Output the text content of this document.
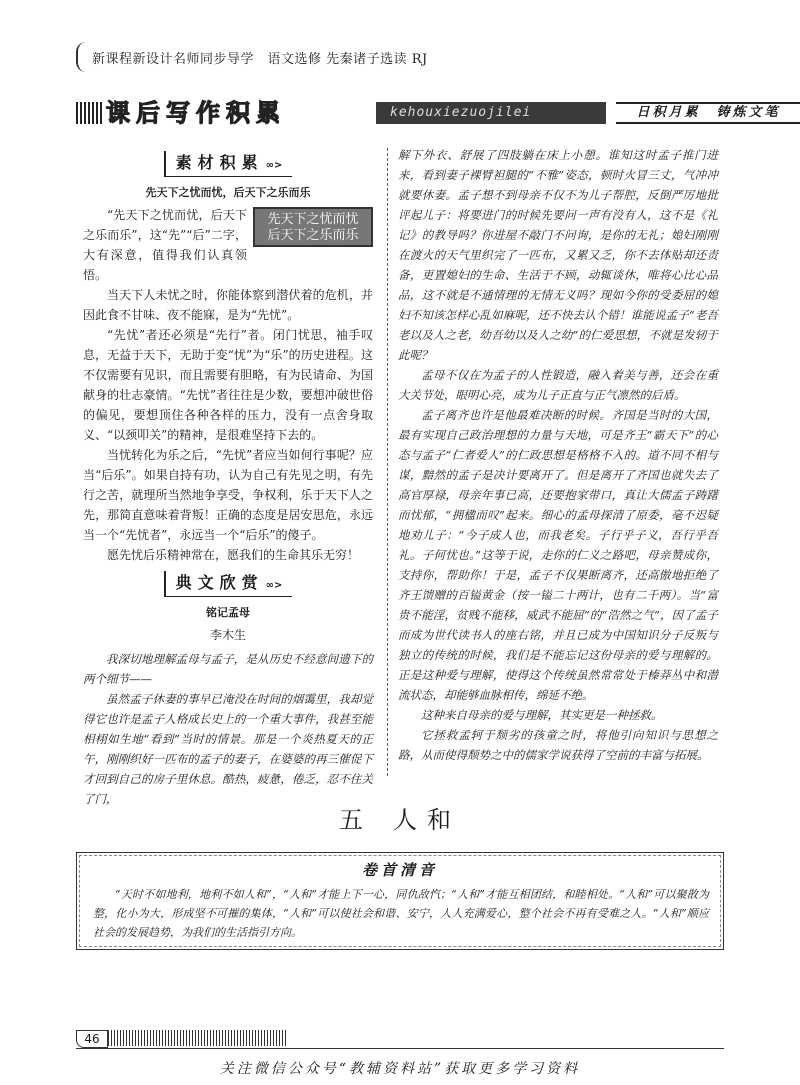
新课程新设计名师同步导学　语文选修 先秦诸子选读 RJ
课后写作积累	kehouxiezuojilei	日积月累　铸炼文笔
素材积累 ∞>
先天下之忧而忧，后天下之乐而乐
先天下之忧而忧
后天下之乐而乐

“先天下之忧而忧，后天下之乐而乐”，这“先”“后”二字，大有深意，值得我们认真领悟。

当天下人未忧之时，你能体察到潜伏着的危机，并因此食不甘味、夜不能寐，是为“先忧”。

“先忧”者还必须是“先行”者。闭门忧思，袖手叹息，无益于天下，无助于变“忧”为“乐”的历史进程。这不仅需要有见识，而且需要有胆略，有为民请命、为国献身的壮志豪情。“先忧”者往往是少数，要想冲破世俗的偏见，要想顶住各种各样的压力，没有一点舍身取义、“以颈叩关”的精神，是很难坚持下去的。

当忧转化为乐之后，“先忧”者应当如何行事呢？应当“后乐”。如果自持有功，认为自己有先见之明，有先行之苦，就理所当然地争享受，争权利，乐于天下人之先，那简直意味着背叛！正确的态度是居安思危，永远当一个“先忧者”，永远当一个“后乐”的傻子。

愿先忧后乐精神常在，愿我们的生命其乐无穷！

典文欣赏 ∞>
铭记孟母
李木生

我深切地理解孟母与孟子，是从历史不经意间遗下的两个细节——

虽然孟子休妻的事早已淹没在时间的烟霭里，我却觉得它也许是孟子人格成长史上的一个重大事件，我甚至能相栩如生地“看到”当时的情景。那是一个炎热夏天的正午，刚刚织好一匹布的孟子的妻子，在婆婆的再三催促下才回到自己的房子里休息。酷热，疲惫，倦乏，忍不住关了门，

解下外衣、舒展了四肢躺在床上小憩。谁知这时孟子推门进来，看到妻子裸臂袒腿的“不雅”姿态，顿时火冒三丈，气冲冲就要休妻。孟子想不到母亲不仅不为儿子帮腔，反倒严厉地批评起儿子：将要进门的时候先要问一声有没有人，这不是《礼记》的教导吗？你进屋不敲门不问询，是你的无礼；媳妇刚刚在渡火的天气里织完了一匹布，又累又乏，你不去体贴却还责备，更置媳妇的生命、生活于不顾，动辄谈休，唯将心比心品品，这不就是不通情理的无情无义吗？现如今你的受委屈的媳妇不知该怎样心乱如麻呢，还不快去认个错！谁能说孟子“老吾老以及人之老，幼吾幼以及人之幼”的仁爱思想，不就是发轫于此呢？

孟母不仅在为孟子的人性锻造，融入着美与善，还会在重大关节处，眼明心亮，成为儿子正直与正气凛然的后盾。

孟子离齐也许是他最难决断的时候。齐国是当时的大国，最有实现自己政治理想的力量与天地，可是齐王“霸天下”的心态与孟子“仁者爱人”的仁政思想是格格不入的。道不同不相与谋，黯然的孟子是决计要离开了。但是离开了齐国也就失去了高官厚禄，母亲年事已高，还要抱家带口，真让大儒孟子踌躇而忧郁，“拥楹而叹”起来。细心的孟母探清了原委，毫不迟疑地劝儿子：“今子成人也，而我老矣。子行乎子义，吾行乎吾礼。子何忧也。”这等于说，走你的仁义之路吧，母亲赞成你，支持你，帮助你！于是，孟子不仅果断离齐，还高傲地拒绝了齐王馈赠的百镒黄金（按一镒二十两计，也有二千两）。当“富贵不能淫，贫贱不能移，威武不能屈”的“浩然之气”，因了孟子而成为世代读书人的座右铭，并且已成为中国知识分子反叛与独立的传统的时候，我们是不能忘记这份母亲的爱与理解的。正是这种爱与理解，使得这个传统虽然常常处于榛莽丛中和潜流状态，却能够血脉相传，绵延不绝。

这种来自母亲的爱与理解，其实更是一种拯救。

它拯救孟轲于颓劣的孩童之时，将他引向知识与思想之路，从而使得颓势之中的儒家学说获得了空前的丰富与拓展。

五 人和
卷首清音
“天时不如地利，地利不如人和”，“人和”才能上下一心，同仇敌忾；“人和”才能互相团结，和睦相处。“人和”可以聚散为整，化小为大，形成坚不可摧的集体，“人和”可以使社会和谐、安宁，人人充满爱心，整个社会不再有受难之人。“人和”顺应社会的发展趋势，为我们的生活指引方向。
46
关注微信公众号“教辅资料站”获取更多学习资料
